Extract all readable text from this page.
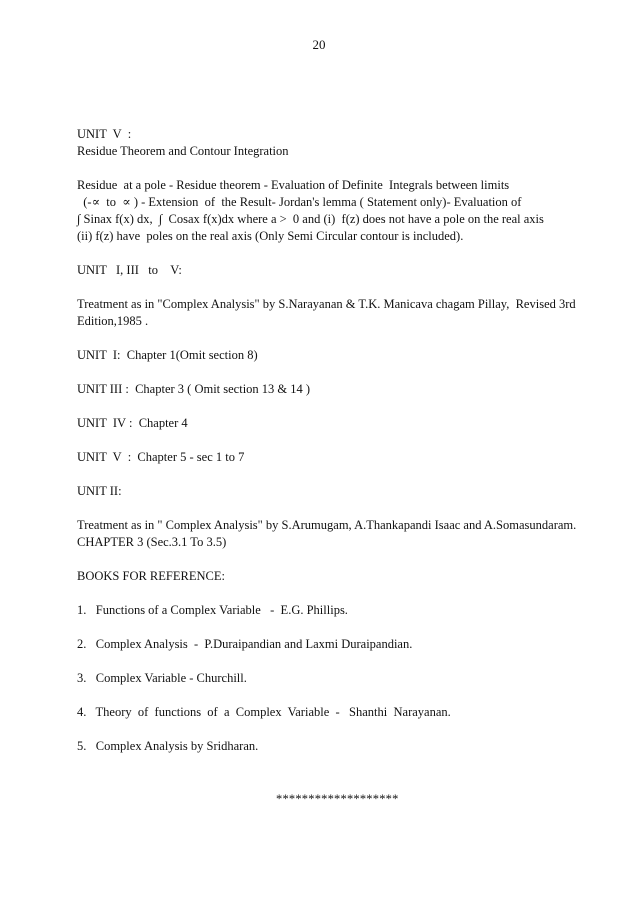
20
UNIT  V  :
Residue Theorem and Contour Integration
Residue  at a pole - Residue theorem - Evaluation of Definite  Integrals between limits
(-∝  to  ∝ ) - Extension  of  the Result- Jordan's lemma ( Statement only)- Evaluation of
∫ Sinax f(x) dx,  ∫  Cosax f(x)dx where a >  0 and (i)  f(z) does not have a pole on the real axis
(ii) f(z) have  poles on the real axis (Only Semi Circular contour is included).
UNIT   I, III   to    V:
Treatment as in "Complex Analysis" by S.Narayanan & T.K. Manicava chagam Pillay,  Revised 3rd
Edition,1985 .
UNIT  I:  Chapter 1(Omit section 8)
UNIT III :  Chapter 3 ( Omit section 13 & 14 )
UNIT  IV :  Chapter 4
UNIT  V  :  Chapter 5 - sec 1 to 7
UNIT II:
Treatment as in " Complex Analysis" by S.Arumugam, A.Thankapandi Isaac and A.Somasundaram.
CHAPTER 3 (Sec.3.1 To 3.5)
BOOKS FOR REFERENCE:
1.   Functions of a Complex Variable   -  E.G. Phillips.
2.   Complex Analysis  -  P.Duraipandian and Laxmi Duraipandian.
3.   Complex Variable - Churchill.
4.   Theory  of  functions  of  a  Complex  Variable  -   Shanthi  Narayanan.
5.   Complex Analysis by Sridharan.
*******************
